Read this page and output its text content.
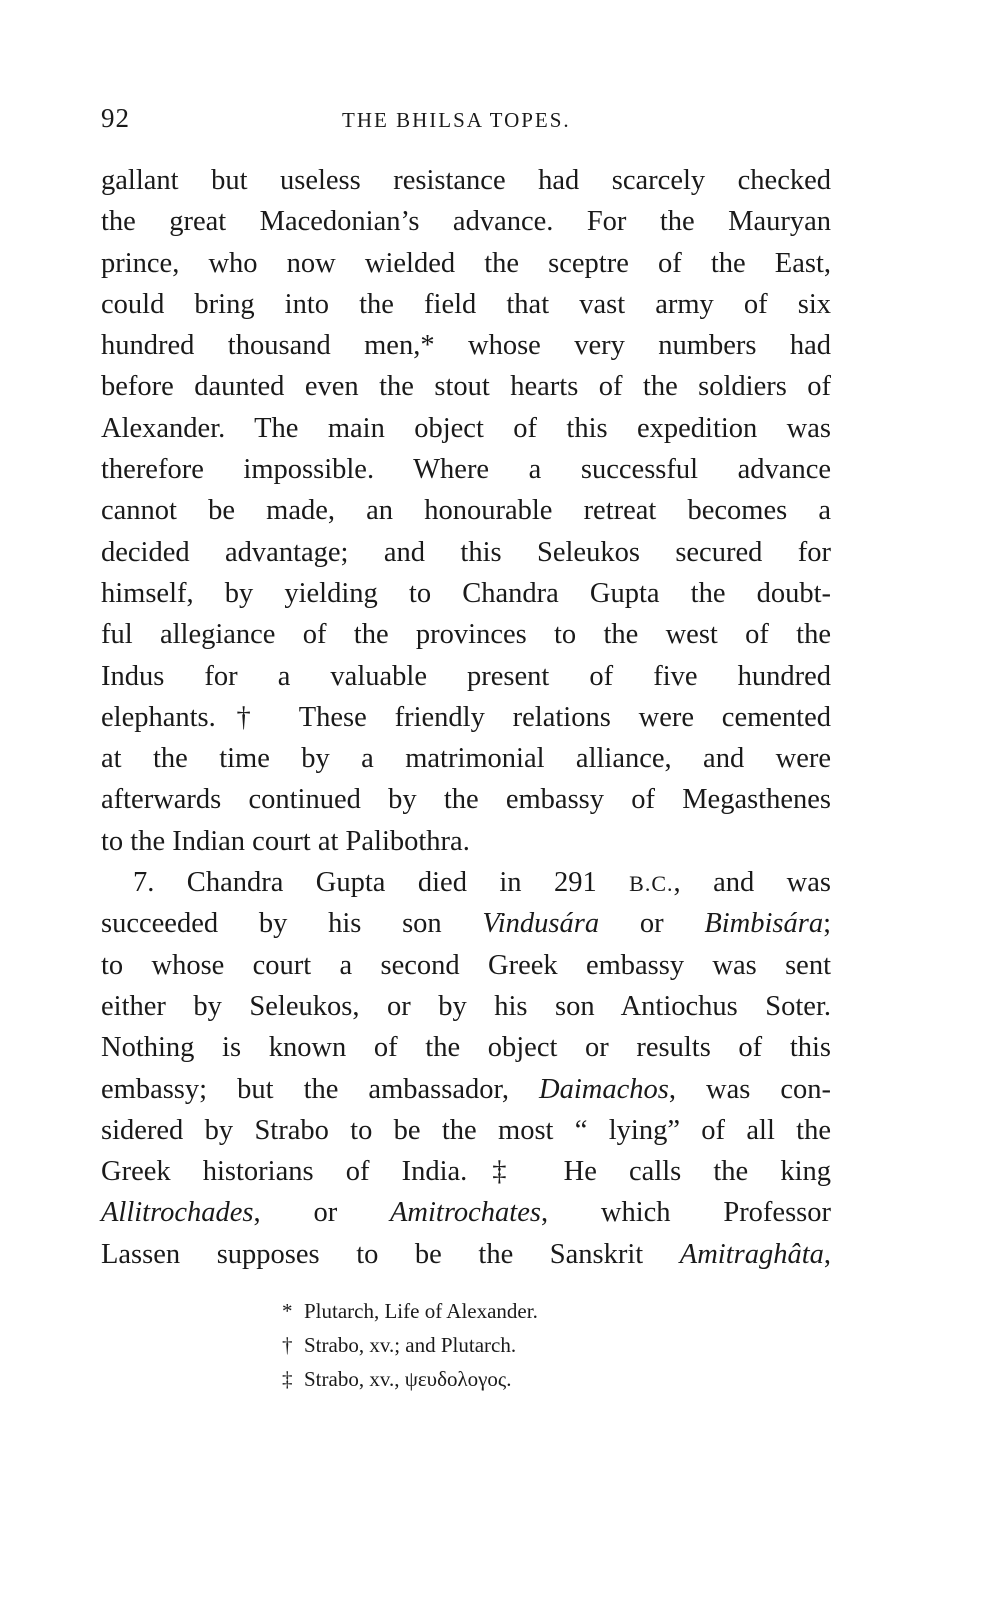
92	THE BHILSA TOPES.
gallant but useless resistance had scarcely checked
the great Macedonian’s advance. For the Mauryan
prince, who now wielded the sceptre of the East,
could bring into the field that vast army of six
hundred thousand men,* whose very numbers had
before daunted even the stout hearts of the soldiers of
Alexander. The main object of this expedition was
therefore impossible. Where a successful advance
cannot be made, an honourable retreat becomes a
decided advantage; and this Seleukos secured for
himself, by yielding to Chandra Gupta the doubt-
ful allegiance of the provinces to the west of the
Indus for a valuable present of five hundred
elephants.† These friendly relations were cemented
at the time by a matrimonial alliance, and were
afterwards continued by the embassy of Megasthenes
to the Indian court at Palibothra.
7. Chandra Gupta died in 291 B.C., and was
succeeded by his son Vindusára or Bimbisára;
to whose court a second Greek embassy was sent
either by Seleukos, or by his son Antiochus Soter.
Nothing is known of the object or results of this
embassy; but the ambassador, Daimachos, was con-
sidered by Strabo to be the most “ lying” of all the
Greek historians of India.‡ He calls the king
Allitrochades, or Amitrochates, which Professor
Lassen supposes to be the Sanskrit Amitraghâta,
* Plutarch, Life of Alexander.
† Strabo, xv.; and Plutarch.
‡ Strabo, xv., ψευδολογος.
